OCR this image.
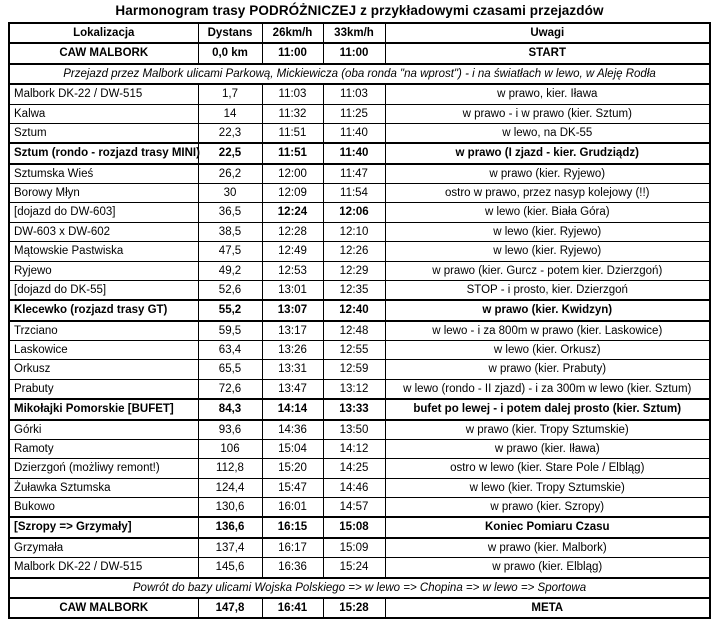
Harmonogram trasy PODRÓŻNICZEJ z przykładowymi czasami przejazdów
Lokalizacja	Dystans	26km/h	33km/h	Uwagi
CAW MALBORK	0,0 km	11:00	11:00	START
Przejazd przez Malbork ulicami Parkową, Mickiewicza (oba ronda "na wprost") - i na światłach w lewo, w Aleję Rodła				
Malbork DK-22 / DW-515	1,7	11:03	11:03	w prawo, kier. Iława
Kalwa	14	11:32	11:25	w prawo - i w prawo (kier. Sztum)
Sztum	22,3	11:51	11:40	w lewo, na DK-55
Sztum (rondo - rozjazd trasy MINI)	22,5	11:51	11:40	w prawo (I zjazd - kier. Grudziądz)
Sztumska Wieś	26,2	12:00	11:47	w prawo (kier. Ryjewo)
Borowy Młyn	30	12:09	11:54	ostro w prawo, przez nasyp kolejowy (!!)
[dojazd do DW-603]	36,5	12:24	12:06	w lewo (kier. Biała Góra)
DW-603 x DW-602	38,5	12:28	12:10	w lewo (kier. Ryjewo)
Mątowskie Pastwiska	47,5	12:49	12:26	w lewo (kier. Ryjewo)
Ryjewo	49,2	12:53	12:29	w prawo (kier. Gurcz - potem kier. Dzierzgoń)
[dojazd do DK-55]	52,6	13:01	12:35	STOP - i prosto, kier. Dzierzgoń
Klecewko (rozjazd trasy GT)	55,2	13:07	12:40	w prawo (kier. Kwidzyn)
Trzciano	59,5	13:17	12:48	w lewo - i za 800m w prawo (kier. Laskowice)
Laskowice	63,4	13:26	12:55	w lewo (kier. Orkusz)
Orkusz	65,5	13:31	12:59	w prawo (kier. Prabuty)
Prabuty	72,6	13:47	13:12	w lewo (rondo - II zjazd) - i za 300m w lewo (kier. Sztum)
Mikołajki Pomorskie [BUFET]	84,3	14:14	13:33	bufet po lewej - i potem dalej prosto (kier. Sztum)
Górki	93,6	14:36	13:50	w prawo (kier. Tropy Sztumskie)
Ramoty	106	15:04	14:12	w prawo (kier. Iława)
Dzierzgoń (możliwy remont!)	112,8	15:20	14:25	ostro w lewo (kier. Stare Pole / Elbląg)
Żuławka Sztumska	124,4	15:47	14:46	w lewo (kier. Tropy Sztumskie)
Bukowo	130,6	16:01	14:57	w prawo (kier. Szropy)
[Szropy => Grzymały]	136,6	16:15	15:08	Koniec Pomiaru Czasu
Grzymała	137,4	16:17	15:09	w prawo (kier. Malbork)
Malbork DK-22 / DW-515	145,6	16:36	15:24	w prawo (kier. Elbląg)
Powrót do bazy ulicami Wojska Polskiego => w lewo => Chopina => w lewo => Sportowa				
CAW MALBORK	147,8	16:41	15:28	META
